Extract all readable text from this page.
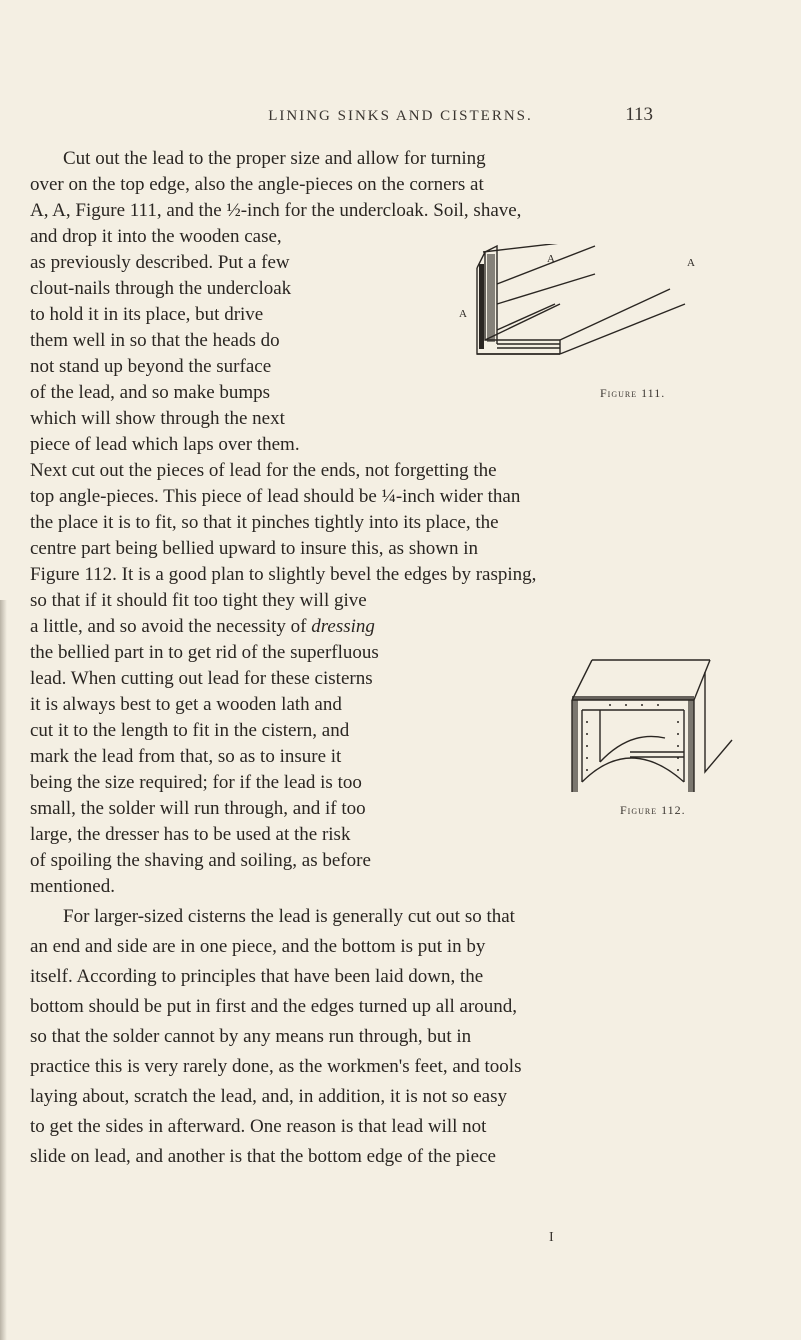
LINING SINKS AND CISTERNS.	113
Cut out the lead to the proper size and allow for turning
over on the top edge, also the angle-pieces on the corners at
A, A, Figure 111, and the ½-inch for the undercloak. Soil, shave,
and drop it into the wooden case,
as previously described. Put a few
clout-nails through the undercloak
to hold it in its place, but drive
them well in so that the heads do
not stand up beyond the surface
of the lead, and so make bumps
which will show through the next
piece of lead which laps over them.
Next cut out the pieces of lead for the ends, not forgetting the
top angle-pieces. This piece of lead should be ¼-inch wider than
the place it is to fit, so that it pinches tightly into its place, the
centre part being bellied upward to insure this, as shown in
Figure 112. It is a good plan to slightly bevel the edges by rasping,
so that if it should fit too tight they will give
a little, and so avoid the necessity of dressing
the bellied part in to get rid of the superfluous
lead. When cutting out lead for these cisterns
it is always best to get a wooden lath and
cut it to the length to fit in the cistern, and
mark the lead from that, so as to insure it
being the size required; for if the lead is too
small, the solder will run through, and if too
large, the dresser has to be used at the risk
of spoiling the shaving and soiling, as before
mentioned.
For larger-sized cisterns the lead is generally cut out so that
an end and side are in one piece, and the bottom is put in by
itself. According to principles that have been laid down, the
bottom should be put in first and the edges turned up all around,
so that the solder cannot by any means run through, but in
practice this is very rarely done, as the workmen's feet, and tools
laying about, scratch the lead, and, in addition, it is not so easy
to get the sides in afterward. One reason is that lead will not
slide on lead, and another is that the bottom edge of the piece
A	A
A
Figure 111.
Figure 112.
I
